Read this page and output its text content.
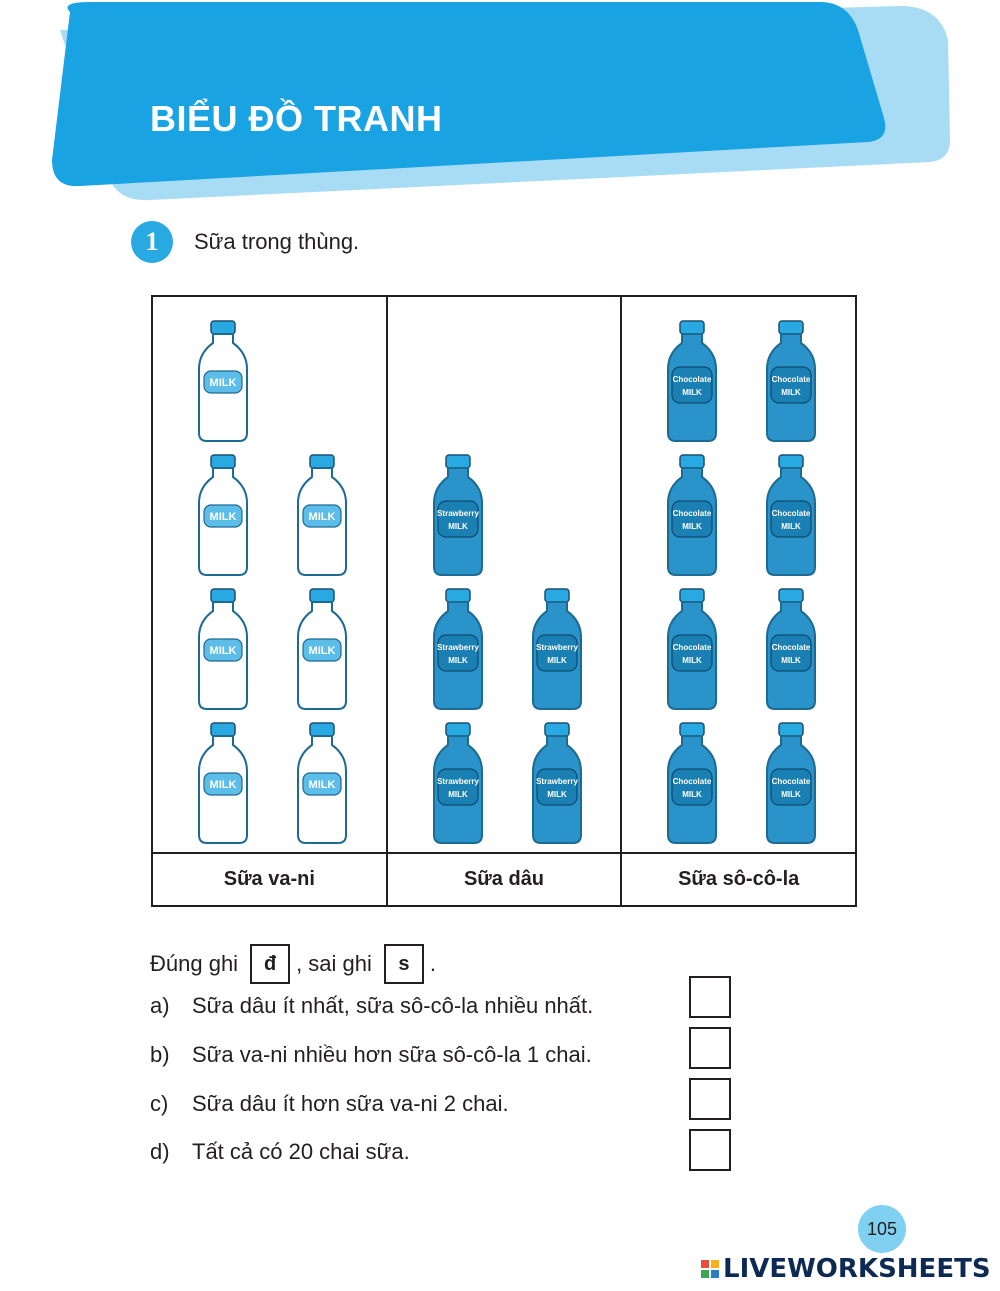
BIỂU ĐỒ TRANH
1	Sữa trong thùng.
MILK	MILK
MILK	MILK
MILK	MILK
MILK
Sữa va-ni
Strawberry
MILK
Strawberry
MILK
Strawberry
MILK
Strawberry
MILK
Strawberry
MILK
Sữa dâu
Chocolate
MILK
Chocolate
MILK
Chocolate
MILK
Chocolate
MILK
Chocolate
MILK
Chocolate
MILK
Chocolate
MILK
Chocolate
MILK
Sữa sô-cô-la
Đúng ghi	đ , sai ghi	s .
a)	Sữa dâu ít nhất, sữa sô-cô-la nhiều nhất.
b)	Sữa va-ni nhiều hơn sữa sô-cô-la 1 chai.
c)	Sữa dâu ít hơn sữa va-ni 2 chai.
d)	Tất cả có 20 chai sữa.
105
LIVEWORKSHEETS
